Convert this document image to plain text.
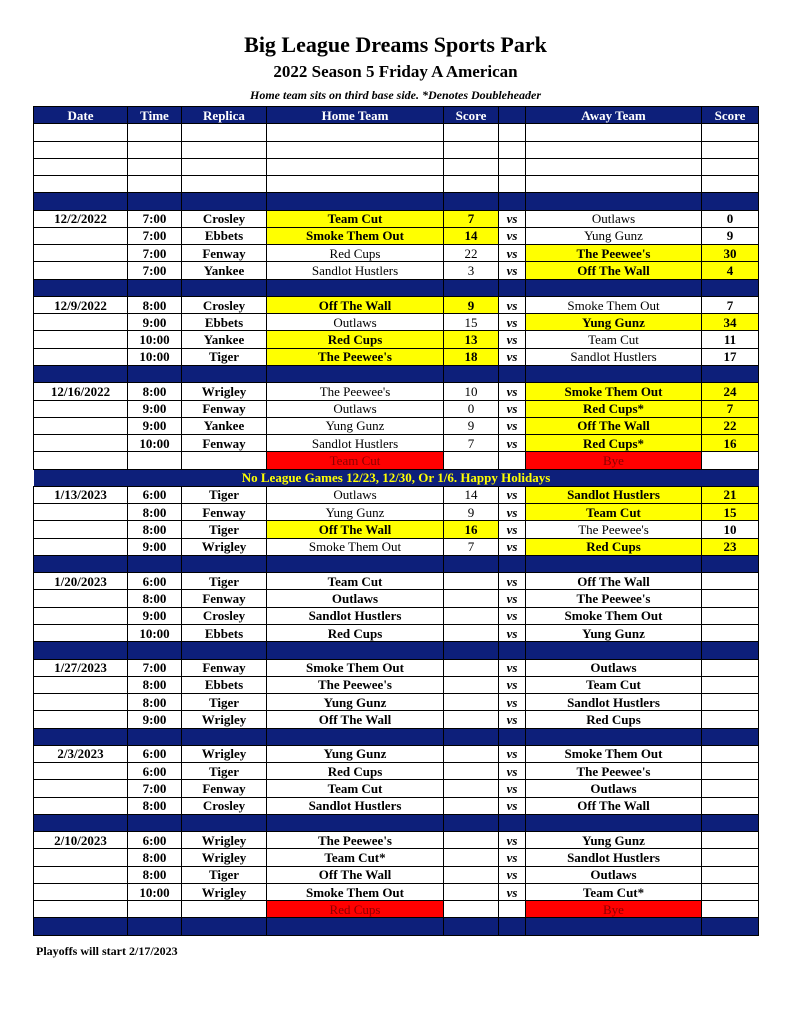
Big League Dreams Sports Park
2022 Season 5 Friday A American
Home team sits on third base side. *Denotes Doubleheader
Date	Time	Replica	Home Team	Score		Away Team	Score

12/2/2022	7:00	Crosley	Team Cut	7	vs	Outlaws	0
	7:00	Ebbets	Smoke Them Out	14	vs	Yung Gunz	9
	7:00	Fenway	Red Cups	22	vs	The Peewee's	30
	7:00	Yankee	Sandlot Hustlers	3	vs	Off The Wall	4

12/9/2022	8:00	Crosley	Off The Wall	9	vs	Smoke Them Out	7
	9:00	Ebbets	Outlaws	15	vs	Yung Gunz	34
	10:00	Yankee	Red Cups	13	vs	Team Cut	11
	10:00	Tiger	The Peewee's	18	vs	Sandlot Hustlers	17

12/16/2022	8:00	Wrigley	The Peewee's	10	vs	Smoke Them Out	24
	9:00	Fenway	Outlaws	0	vs	Red Cups*	7
	9:00	Yankee	Yung Gunz	9	vs	Off The Wall	22
	10:00	Fenway	Sandlot Hustlers	7	vs	Red Cups*	16
			Team Cut			Bye	
No League Games 12/23, 12/30, Or 1/6. Happy Holidays							
1/13/2023	6:00	Tiger	Outlaws	14	vs	Sandlot Hustlers	21
	8:00	Fenway	Yung Gunz	9	vs	Team Cut	15
	8:00	Tiger	Off The Wall	16	vs	The Peewee's	10
	9:00	Wrigley	Smoke Them Out	7	vs	Red Cups	23

1/20/2023	6:00	Tiger	Team Cut		vs	Off The Wall	
	8:00	Fenway	Outlaws		vs	The Peewee's	
	9:00	Crosley	Sandlot Hustlers		vs	Smoke Them Out	
	10:00	Ebbets	Red Cups		vs	Yung Gunz	

1/27/2023	7:00	Fenway	Smoke Them Out		vs	Outlaws	
	8:00	Ebbets	The Peewee's		vs	Team Cut	
	8:00	Tiger	Yung Gunz		vs	Sandlot Hustlers	
	9:00	Wrigley	Off The Wall		vs	Red Cups	

2/3/2023	6:00	Wrigley	Yung Gunz		vs	Smoke Them Out	
	6:00	Tiger	Red Cups		vs	The Peewee's	
	7:00	Fenway	Team Cut		vs	Outlaws	
	8:00	Crosley	Sandlot Hustlers		vs	Off The Wall	

2/10/2023	6:00	Wrigley	The Peewee's		vs	Yung Gunz	
	8:00	Wrigley	Team Cut*		vs	Sandlot Hustlers	
	8:00	Tiger	Off The Wall		vs	Outlaws	
	10:00	Wrigley	Smoke Them Out		vs	Team Cut*	
			Red Cups			Bye	

Playoffs will start 2/17/2023
